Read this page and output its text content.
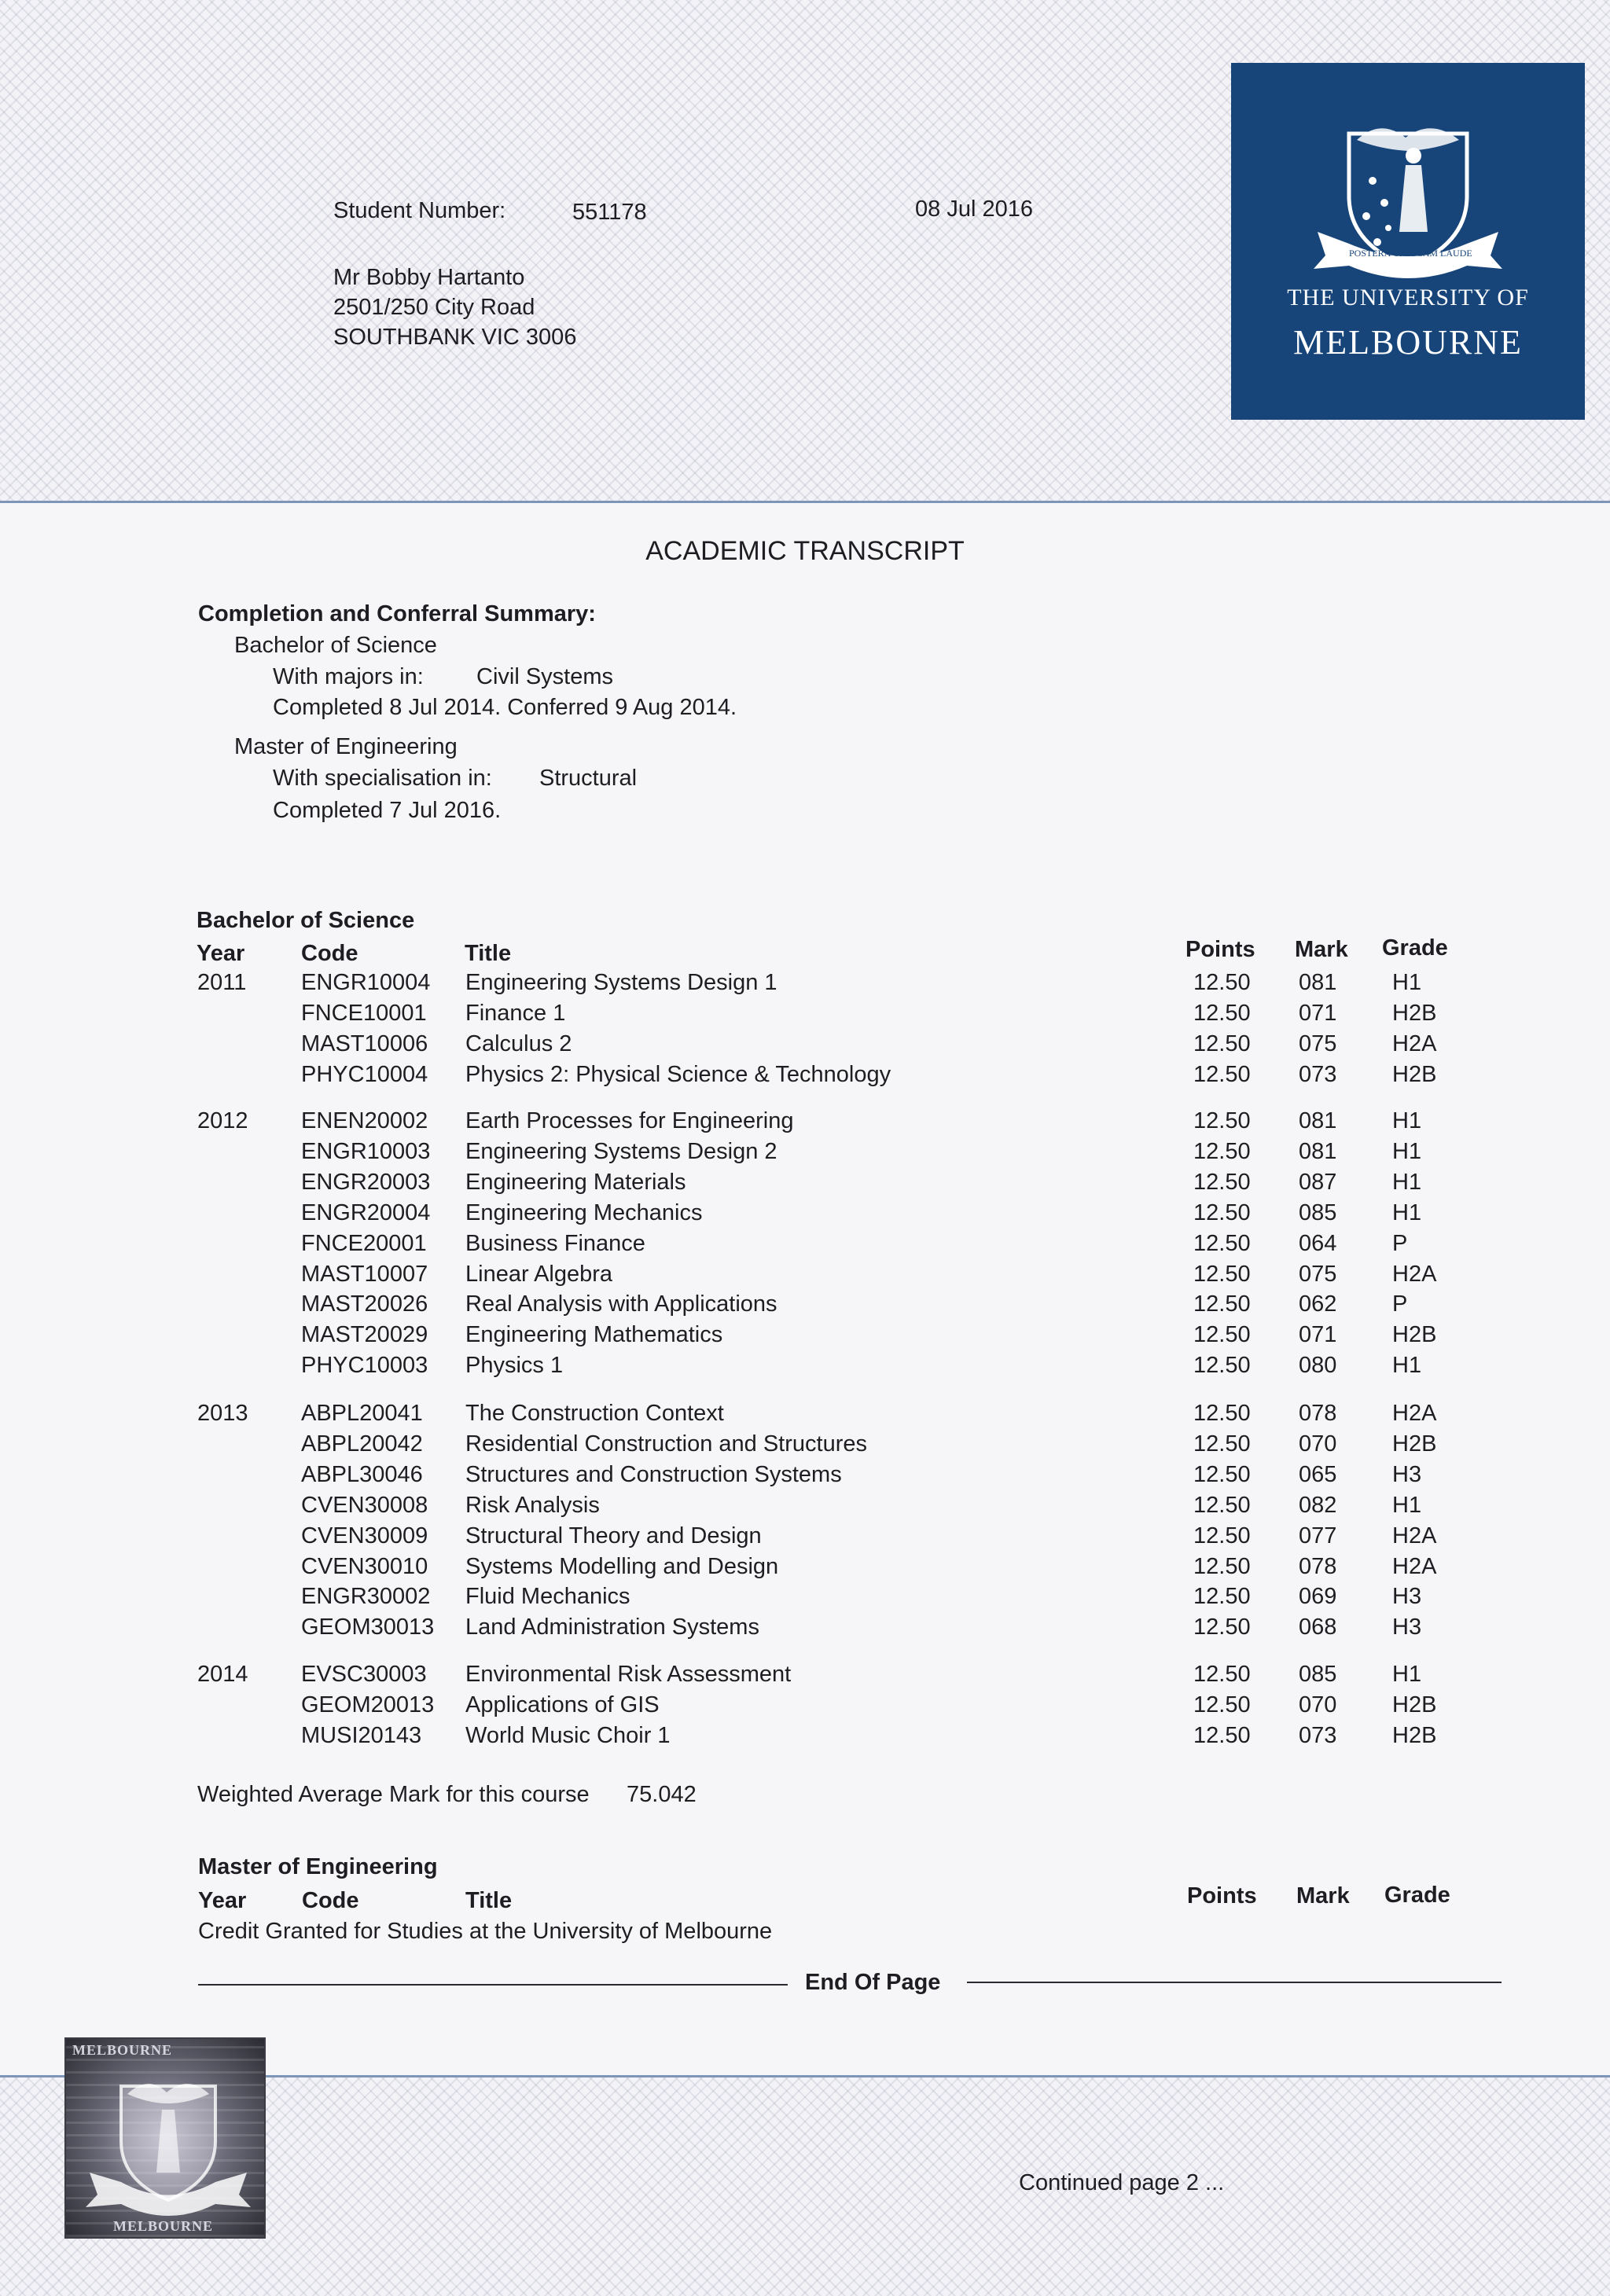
Student Number:	551178	08 Jul 2016
Mr Bobby Hartanto
2501/250 City Road
SOUTHBANK VIC 3006
POSTERA CRESCAM LAUDE
THE UNIVERSITY OF
MELBOURNE
ACADEMIC TRANSCRIPT
Completion and Conferral Summary:
Bachelor of Science
With majors in: Civil Systems
Completed 8 Jul 2014. Conferred 9 Aug 2014.
Master of Engineering
With specialisation in: Structural
Completed 7 Jul 2016.
Bachelor of Science
Year Code	Title	Points Mark Grade
2011 ENGR10004 Engineering Systems Design 1	12.50 081 H1
FNCE10001 Finance 1	12.50 071 H2B
MAST10006 Calculus 2	12.50 075 H2A
PHYC10004 Physics 2: Physical Science & Technology	12.50 073 H2B
2012 ENEN20002 Earth Processes for Engineering	12.50 081 H1
ENGR10003 Engineering Systems Design 2	12.50 081 H1
ENGR20003 Engineering Materials	12.50 087 H1
ENGR20004 Engineering Mechanics	12.50 085 H1
FNCE20001 Business Finance	12.50 064 P
MAST10007 Linear Algebra	12.50 075 H2A
MAST20026 Real Analysis with Applications	12.50 062 P
MAST20029 Engineering Mathematics	12.50 071 H2B
PHYC10003 Physics 1	12.50 080 H1
2013 ABPL20041 The Construction Context	12.50 078 H2A
ABPL20042 Residential Construction and Structures	12.50 070 H2B
ABPL30046 Structures and Construction Systems	12.50 065 H3
CVEN30008 Risk Analysis	12.50 082 H1
CVEN30009 Structural Theory and Design	12.50 077 H2A
CVEN30010 Systems Modelling and Design	12.50 078 H2A
ENGR30002 Fluid Mechanics	12.50 069 H3
GEOM30013 Land Administration Systems	12.50 068 H3
2014 EVSC30003 Environmental Risk Assessment	12.50 085 H1
GEOM20013 Applications of GIS	12.50 070 H2B
MUSI20143 World Music Choir 1	12.50 073 H2B
Weighted Average Mark for this course 75.042
Master of Engineering
Year Code	Title	Points Mark Grade
Credit Granted for Studies at the University of Melbourne
End Of Page
MELBOURNE
MELBOURNE
Continued page 2 ...
